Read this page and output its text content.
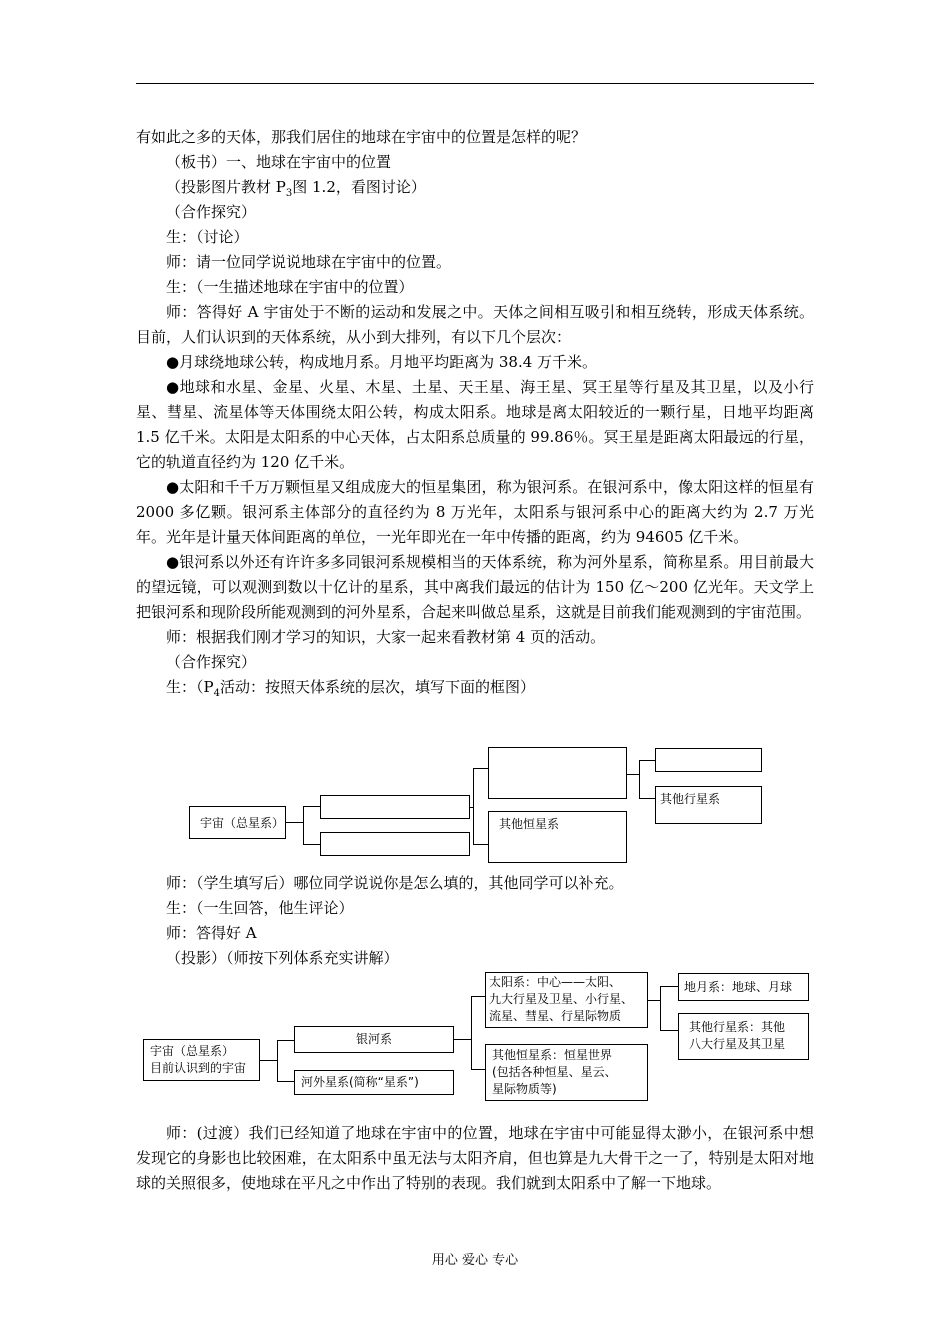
有如此之多的天体，那我们居住的地球在宇宙中的位置是怎样的呢？

（板书）一、地球在宇宙中的位置

（投影图片教材 $P_3$图 1.2，看图讨论）

（合作探究）

生：（讨论）

师：请一位同学说说地球在宇宙中的位置。

生：（一生描述地球在宇宙中的位置）

师：答得好 A 宇宙处于不断的运动和发展之中。天体之间相互吸引和相互绕转，形成天体系统。目前，人们认识到的天体系统，从小到大排列，有以下几个层次：

●月球绕地球公转，构成地月系。月地平均距离为 38.4 万千米。

●地球和水星、金星、火星、木星、土星、天王星、海王星、冥王星等行星及其卫星，以及小行星、彗星、流星体等天体围绕太阳公转，构成太阳系。地球是离太阳较近的一颗行星，日地平均距离 1.5 亿千米。太阳是太阳系的中心天体，占太阳系总质量的 99.86％。冥王星是距离太阳最远的行星，它的轨道直径约为 120 亿千米。

●太阳和千千万万颗恒星又组成庞大的恒星集团，称为银河系。在银河系中，像太阳这样的恒星有 2000 多亿颗。银河系主体部分的直径约为 8 万光年，太阳系与银河系中心的距离大约为 2.7 万光年。光年是计量天体间距离的单位，一光年即光在一年中传播的距离，约为 94605 亿千米。

●银河系以外还有许许多多同银河系规模相当的天体系统，称为河外星系，简称星系。用目前最大的望远镜，可以观测到数以十亿计的星系，其中离我们最远的估计为 150 亿～200 亿光年。天文学上把银河系和现阶段所能观测到的河外星系，合起来叫做总星系，这就是目前我们能观测到的宇宙范围。

师：根据我们刚才学习的知识，大家一起来看教材第 4 页的活动。

（合作探究）

生：（$P_4$活动：按照天体系统的层次，填写下面的框图）

宇宙（总星系）	其他恒星系
其他行星系

师：（学生填写后）哪位同学说说你是怎么填的，其他同学可以补充。

生：（一生回答，他生评论）

师：答得好 A

（投影）（师按下列体系充实讲解）

宇宙（总星系）
目前认识到的宇宙
银河系
河外星系(简称“星系”)
太阳系：中心——太阳、
九大行星及卫星、小行星、
流星、彗星、行星际物质
其他恒星系：恒星世界
(包括各种恒星、星云、
星际物质等)
地月系：地球、月球
其他行星系：其他
八大行星及其卫星

师：(过渡）我们已经知道了地球在宇宙中的位置，地球在宇宙中可能显得太渺小，在银河系中想发现它的身影也比较困难，在太阳系中虽无法与太阳齐肩，但也算是九大骨干之一了，特别是太阳对地球的关照很多，使地球在平凡之中作出了特别的表现。我们就到太阳系中了解一下地球。

用心 爱心 专心
